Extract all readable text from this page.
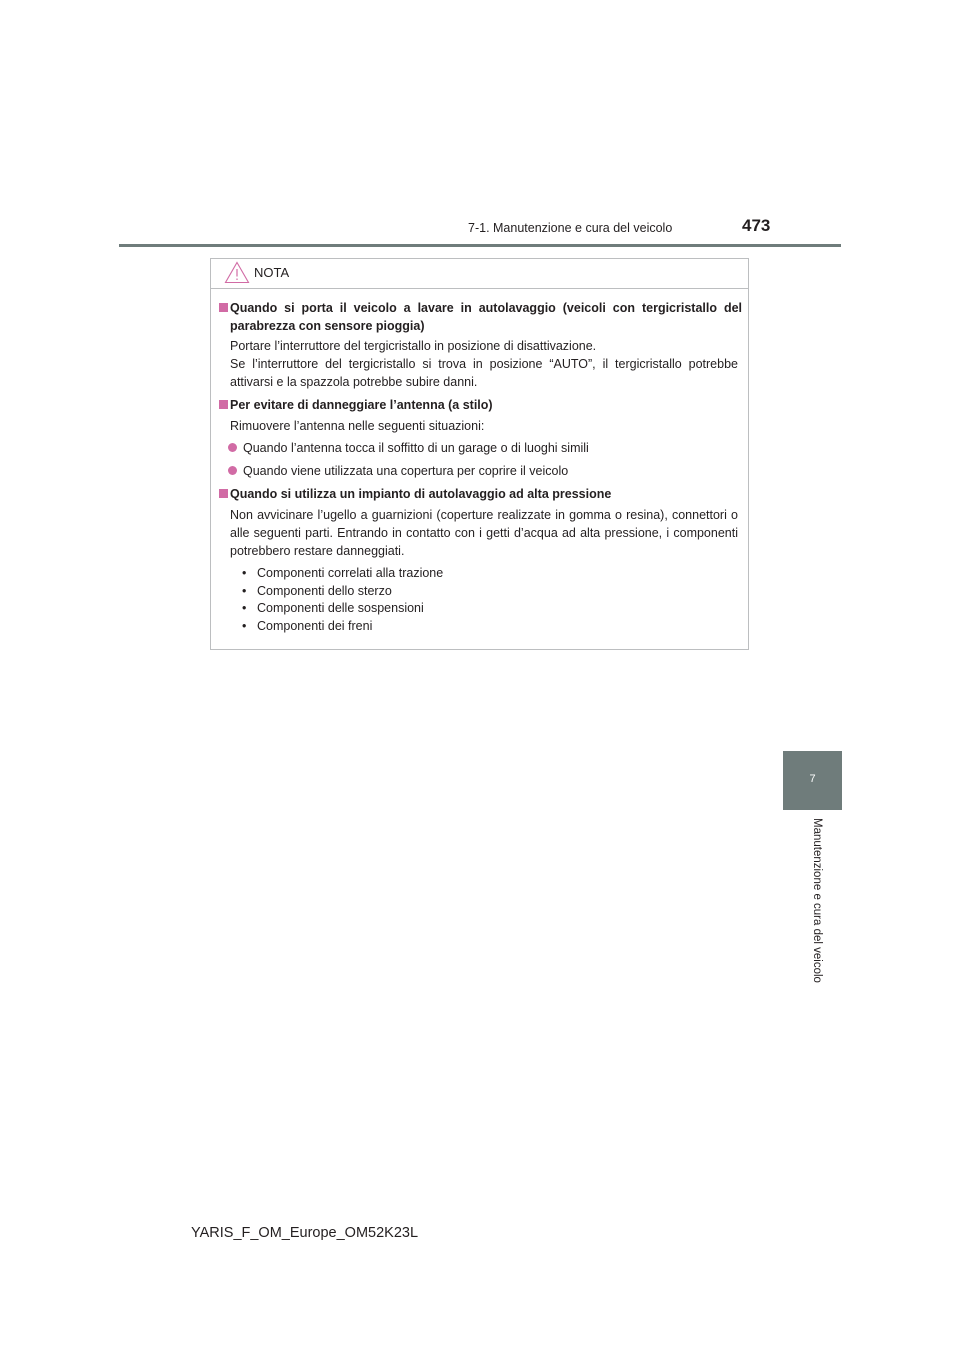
7-1. Manutenzione e cura del veicolo	473
7
Manutenzione e cura del veicolo
NOTA
Quando si porta il veicolo a lavare in autolavaggio (veicoli con tergicristallo del parabrezza con sensore pioggia)
Portare l’interruttore del tergicristallo in posizione di disattivazione.
Se l’interruttore del tergicristallo si trova in posizione “AUTO”, il tergicristallo potrebbe attivarsi e la spazzola potrebbe subire danni.
Per evitare di danneggiare l’antenna (a stilo)
Rimuovere l’antenna nelle seguenti situazioni:
Quando l’antenna tocca il soffitto di un garage o di luoghi simili
Quando viene utilizzata una copertura per coprire il veicolo
Quando si utilizza un impianto di autolavaggio ad alta pressione
Non avvicinare l’ugello a guarnizioni (coperture realizzate in gomma o resina), connettori o alle seguenti parti. Entrando in contatto con i getti d’acqua ad alta pressione, i componenti potrebbero restare danneggiati.
• Componenti correlati alla trazione
• Componenti dello sterzo
• Componenti delle sospensioni
• Componenti dei freni
YARIS_F_OM_Europe_OM52K23L
